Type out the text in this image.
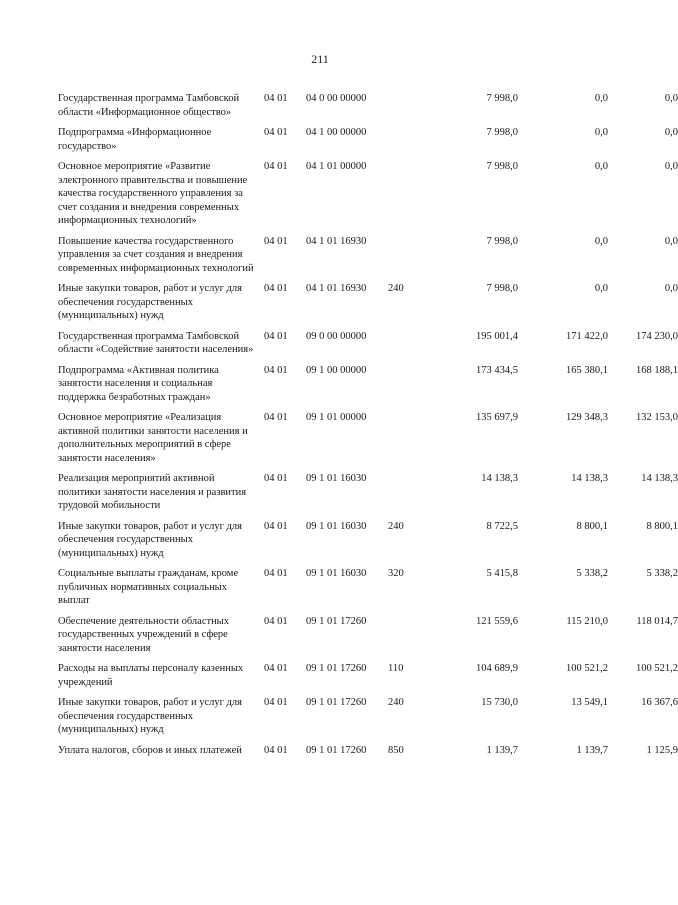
211
Государственная программа Тамбовской области «Информационное общество»
04 01 04 0 00 00000	7 998,0	0,0	0,0
Подпрограмма «Информационное государство»
04 01 04 1 00 00000	7 998,0	0,0	0,0
Основное мероприятие «Развитие электронного правительства и повышение качества государственного управления за счет создания и внедрения современных информационных технологий»
04 01 04 1 01 00000	7 998,0	0,0	0,0
Повышение качества государственного управления за счет создания и внедрения современных информационных технологий
04 01 04 1 01 16930	7 998,0	0,0	0,0
Иные закупки товаров, работ и услуг для обеспечения государственных (муниципальных) нужд
04 01 04 1 01 16930 240	7 998,0	0,0	0,0
Государственная программа Тамбовской области «Содействие занятости населения»
04 01 09 0 00 00000	195 001,4	171 422,0	174 230,0
Подпрограмма «Активная политика занятости населения и социальная поддержка безработных граждан»
04 01 09 1 00 00000	173 434,5	165 380,1	168 188,1
Основное мероприятие «Реализация активной политики занятости населения и дополнительных мероприятий в сфере занятости населения»
04 01 09 1 01 00000	135 697,9	129 348,3	132 153,0
Реализация мероприятий активной политики занятости населения и развития трудовой мобильности
04 01 09 1 01 16030	14 138,3	14 138,3	14 138,3
Иные закупки товаров, работ и услуг для обеспечения государственных (муниципальных) нужд
04 01 09 1 01 16030 240	8 722,5	8 800,1	8 800,1
Социальные выплаты гражданам, кроме публичных нормативных социальных выплат
04 01 09 1 01 16030 320	5 415,8	5 338,2	5 338,2
Обеспечение деятельности областных государственных учреждений в сфере занятости населения
04 01 09 1 01 17260	121 559,6	115 210,0	118 014,7
Расходы на выплаты персоналу казенных учреждений
04 01 09 1 01 17260 110	104 689,9	100 521,2	100 521,2
Иные закупки товаров, работ и услуг для обеспечения государственных (муниципальных) нужд
04 01 09 1 01 17260 240	15 730,0	13 549,1	16 367,6
Уплата налогов, сборов и иных платежей	04 01 09 1 01 17260 850	1 139,7	1 139,7	1 125,9
